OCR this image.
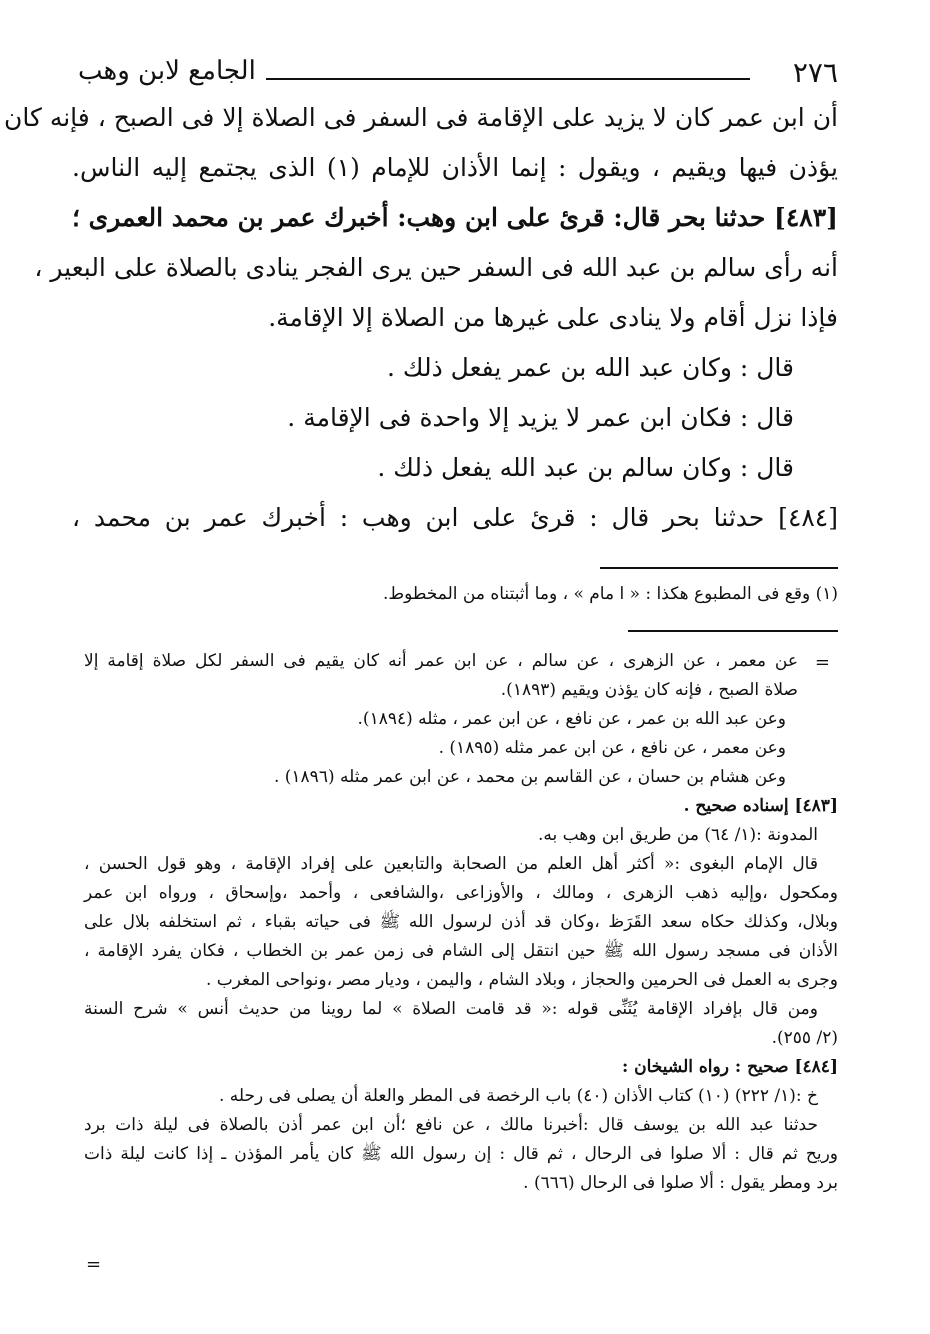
٢٧٦
الجامع لابن وهب
أن ابن عمر كان لا يزيد على الإقامة فى السفر فى الصلاة إلا فى الصبح ، فإنه كان
يؤذن فيها ويقيم ، ويقول : إنما الأذان للإمام (١) الذى يجتمع إليه الناس.
[٤٨٣] حدثنا بحر قال: قرئ على ابن وهب: أخبرك عمر بن محمد العمرى ؛
أنه رأى سالم بن عبد الله فى السفر حين يرى الفجر ينادى بالصلاة على البعير ،
فإذا نزل أقام ولا ينادى على غيرها من الصلاة إلا الإقامة.
قال : وكان عبد الله بن عمر يفعل ذلك .
قال : فكان ابن عمر لا يزيد إلا واحدة فى الإقامة .
قال : وكان سالم بن عبد الله يفعل ذلك .
[٤٨٤] حدثنا بحر قال : قرئ على ابن وهب : أخبرك عمر بن محمد ،
(١) وقع فى المطبوع هكذا : « ا مام » ، وما أثبتناه من المخطوط.
=
عن معمر ، عن الزهرى ، عن سالم ، عن ابن عمر أنه كان يقيم فى السفر لكل صلاة إقامة إلا
صلاة الصبح ، فإنه كان يؤذن ويقيم (١٨٩٣).
وعن عبد الله بن عمر ، عن نافع ، عن ابن عمر ، مثله (١٨٩٤).
وعن معمر ، عن نافع ، عن ابن عمر مثله (١٨٩٥) .
وعن هشام بن حسان ، عن القاسم بن محمد ، عن ابن عمر مثله (١٨٩٦) .
[٤٨٣] إسناده صحيح .
المدونة :(١/ ٦٤) من طريق ابن وهب به.
قال الإمام البغوى :« أكثر أهل العلم من الصحابة والتابعين على إفراد الإقامة ، وهو قول الحسن ،
ومكحول ،وإليه ذهب الزهرى ، ومالك ، والأوزاعى ،والشافعى ، وأحمد ،وإسحاق ، ورواه ابن عمر
وبلال، وكذلك حكاه سعد القَرَظ ،وكان قد أذن لرسول الله ﷺ فى حياته بقباء ، ثم استخلفه بلال على
الأذان فى مسجد رسول الله ﷺ حين انتقل إلى الشام فى زمن عمر بن الخطاب ، فكان يفرد الإقامة ،
وجرى به العمل فى الحرمين والحجاز ، وبلاد الشام ، واليمن ، وديار مصر ،ونواحى المغرب .
ومن قال بإفراد الإقامة يُثَنِّى قوله :« قد قامت الصلاة » لما روينا من حديث أنس » شرح السنة
(٢/ ٢٥٥).
[٤٨٤] صحيح : رواه الشيخان :
خ :(١/ ٢٢٢) (١٠) كتاب الأذان (٤٠) باب الرخصة فى المطر والعلة أن يصلى فى رحله .
حدثنا عبد الله بن يوسف قال :أخبرنا مالك ، عن نافع ؛أن ابن عمر أذن بالصلاة فى ليلة ذات برد
وريح ثم قال : ألا صلوا فى الرحال ، ثم قال : إن رسول الله ﷺ كان يأمر المؤذن ـ إذا كانت ليلة ذات
برد ومطر يقول : ألا صلوا فى الرحال (٦٦٦) .
=
